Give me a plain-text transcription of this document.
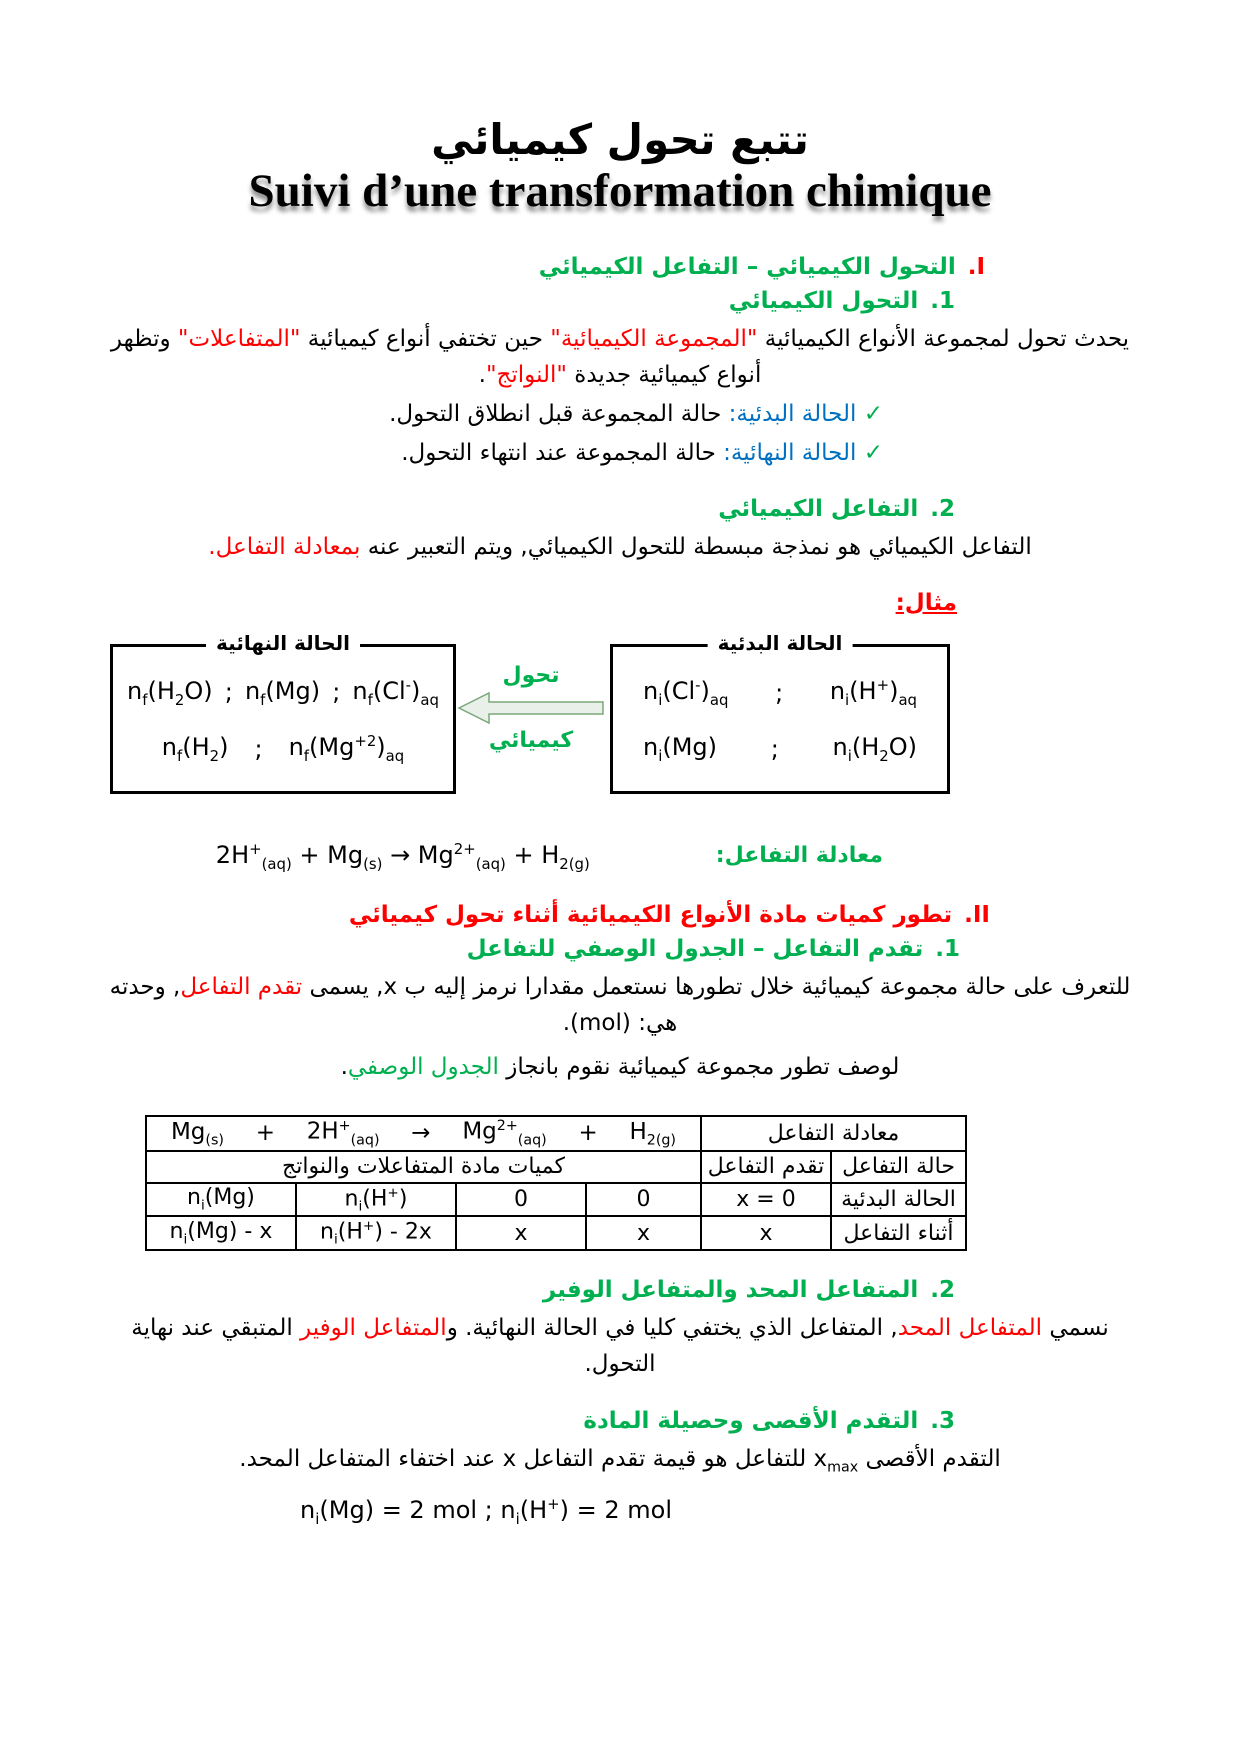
تتبع تحول كيميائي
Suivi d’une transformation chimique
.I
التحول الكيميائي – التفاعل الكيميائي
.1
التحول الكيميائي

يحدث تحول لمجموعة الأنواع الكيميائية "المجموعة الكيميائية" حين تختفي أنواع كيميائية "المتفاعلات" وتظهر أنواع كيميائية جديدة "النواتج".

✓ الحالة البدئية: حالة المجموعة قبل انطلاق التحول.

✓ الحالة النهائية: حالة المجموعة عند انتهاء التحول.

.2
التفاعل الكيميائي

التفاعل الكيميائي هو نمذجة مبسطة للتحول الكيميائي, ويتم التعبير عنه بمعادلة التفاعل.

مثال:
الحالة النهائية
$n_f(H_2O)$ ; $n_f(Mg)$ ; $n_f(Cl^-)_{aq}$
$n_f(H_2)$ ; $n_f(Mg^{+2})_{aq}$
تحول
كيميائي
الحالة البدئية
$n_i(Cl^-)_{aq}$ ; $n_i(H^+)_{aq}$
$n_i(Mg)$ ; $n_i(H_2O)$
معادلة التفاعل:
$2H^+_{(aq)} + Mg_{(s)} \to Mg^{2+}_{(aq)} + H_{2(g)}$
.II
تطور كميات مادة الأنواع الكيميائية أثناء تحول كيميائي
.1
تقدم التفاعل – الجدول الوصفي للتفاعل

للتعرف على حالة مجموعة كيميائية خلال تطورها نستعمل مقدارا نرمز إليه ب x, يسمى تقدم التفاعل, وحدته هي: (mol).

لوصف تطور مجموعة كيميائية نقوم بانجاز الجدول الوصفي.

$Mg_{(s)} + 2H^+_{(aq)} \to Mg^{2+}_{(aq)} + H_{2(g)}$	معادلة التفاعل
كميات مادة المتفاعلات والنواتج				تقدم التفاعل	حالة التفاعل
$n_i(Mg)$	$n_i(H^+)$	0	0	x = 0	الحالة البدئية
$n_i(Mg)$ - x	$n_i(H^+) - 2x$	x	x	x	أثناء التفاعل
.2
المتفاعل المحد والمتفاعل الوفير

نسمي المتفاعل المحد, المتفاعل الذي يختفي كليا في الحالة النهائية. والمتفاعل الوفير المتبقي عند نهاية التحول.

.3
التقدم الأقصى وحصيلة المادة

التقدم الأقصى $x_{max}$ للتفاعل هو قيمة تقدم التفاعل x عند اختفاء المتفاعل المحد.

$n_i(Mg) = 2$ mol ; $n_i(H^+) = 2$ mol
